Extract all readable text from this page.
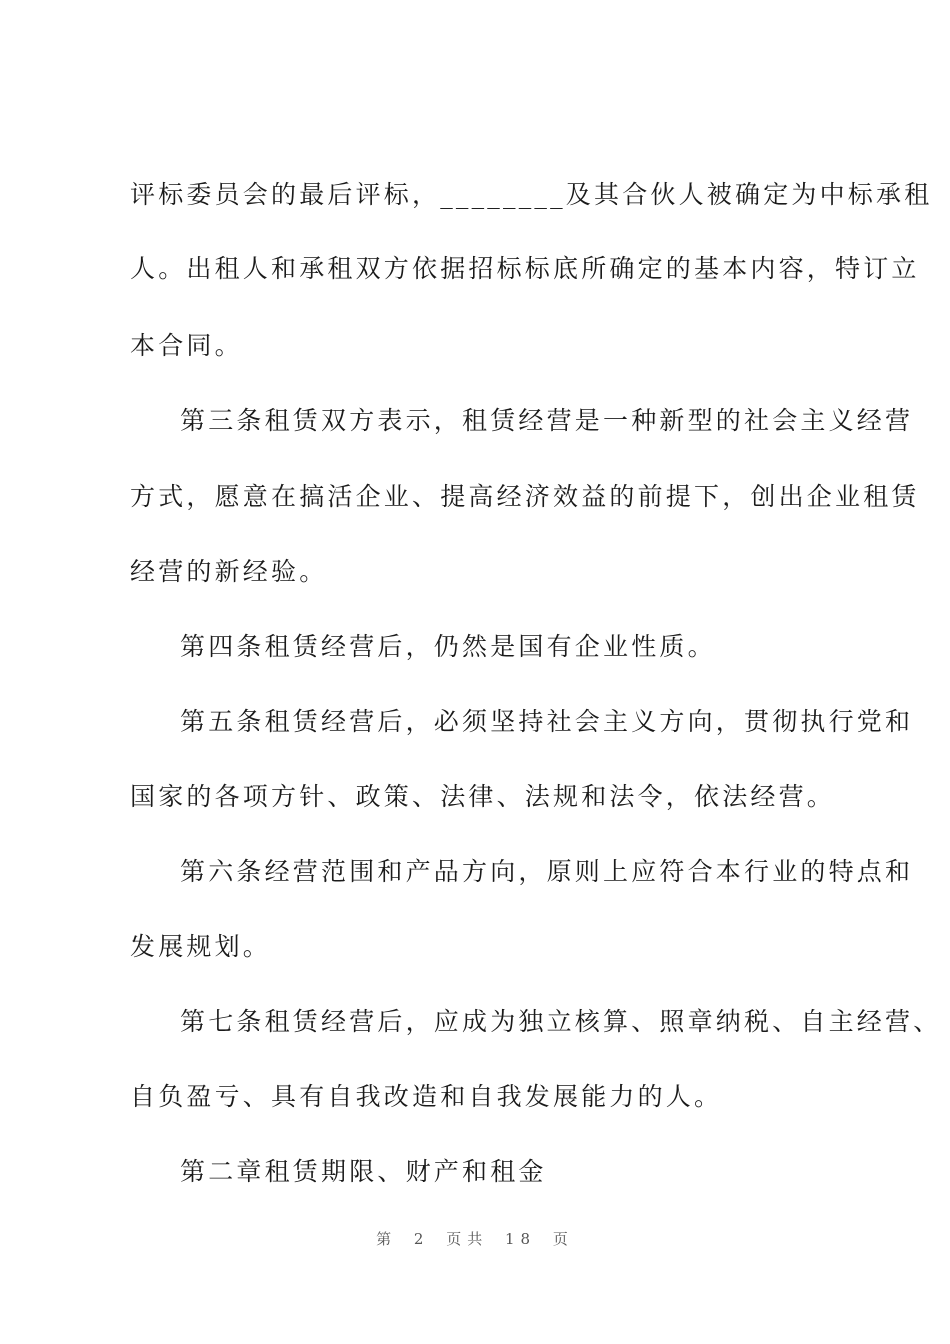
评标委员会的最后评标，________及其合伙人被确定为中标承租
人。出租人和承租双方依据招标标底所确定的基本内容，特订立
本合同。
第三条租赁双方表示，租赁经营是一种新型的社会主义经营
方式，愿意在搞活企业、提高经济效益的前提下，创出企业租赁
经营的新经验。
第四条租赁经营后，仍然是国有企业性质。
第五条租赁经营后，必须坚持社会主义方向，贯彻执行党和
国家的各项方针、政策、法律、法规和法令，依法经营。
第六条经营范围和产品方向，原则上应符合本行业的特点和
发展规划。
第七条租赁经营后，应成为独立核算、照章纳税、自主经营、
自负盈亏、具有自我改造和自我发展能力的人。
第二章租赁期限、财产和租金
第 2 页共 18 页
